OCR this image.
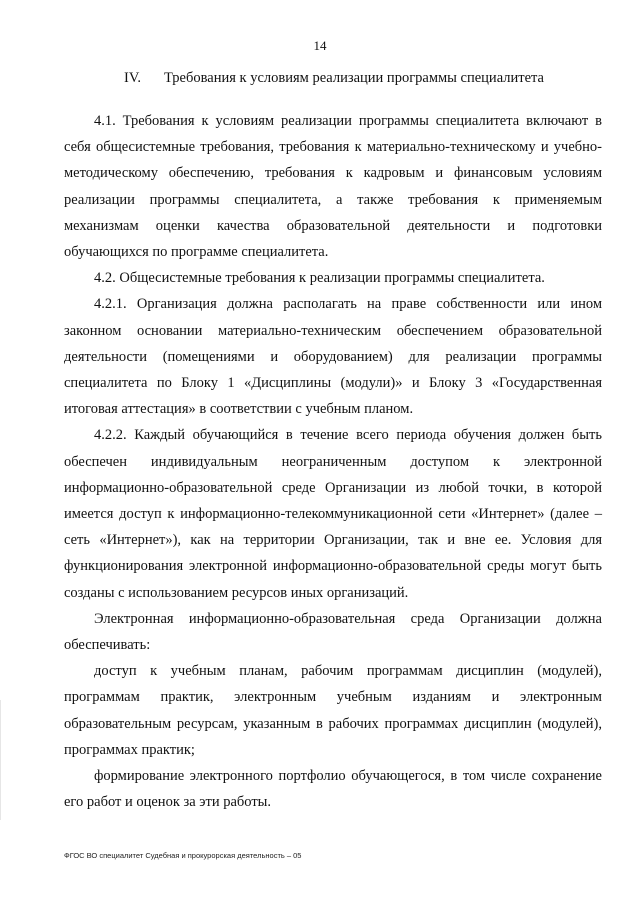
14
IV. Требования к условиям реализации программы специалитета

4.1. Требования к условиям реализации программы специалитета включают в себя общесистемные требования, требования к материально-техническому и учебно-методическому обеспечению, требования к кадровым и финансовым условиям реализации программы специалитета, а также требования к применяемым механизмам оценки качества образовательной деятельности и подготовки обучающихся по программе специалитета.

4.2. Общесистемные требования к реализации программы специалитета.

4.2.1. Организация должна располагать на праве собственности или ином законном основании материально-техническим обеспечением образовательной деятельности (помещениями и оборудованием) для реализации программы специалитета по Блоку 1 «Дисциплины (модули)» и Блоку 3 «Государственная итоговая аттестация» в соответствии с учебным планом.

4.2.2. Каждый обучающийся в течение всего периода обучения должен быть обеспечен индивидуальным неограниченным доступом к электронной информационно-образовательной среде Организации из любой точки, в которой имеется доступ к информационно-телекоммуникационной сети «Интернет» (далее – сеть «Интернет»), как на территории Организации, так и вне ее. Условия для функционирования электронной информационно-образовательной среды могут быть созданы с использованием ресурсов иных организаций.

Электронная информационно-образовательная среда Организации должна обеспечивать:

доступ к учебным планам, рабочим программам дисциплин (модулей), программам практик, электронным учебным изданиям и электронным образовательным ресурсам, указанным в рабочих программах дисциплин (модулей), программах практик;

формирование электронного портфолио обучающегося, в том числе сохранение его работ и оценок за эти работы.

ФГОС ВО специалитет Судебная и прокурорская деятельность – 05
